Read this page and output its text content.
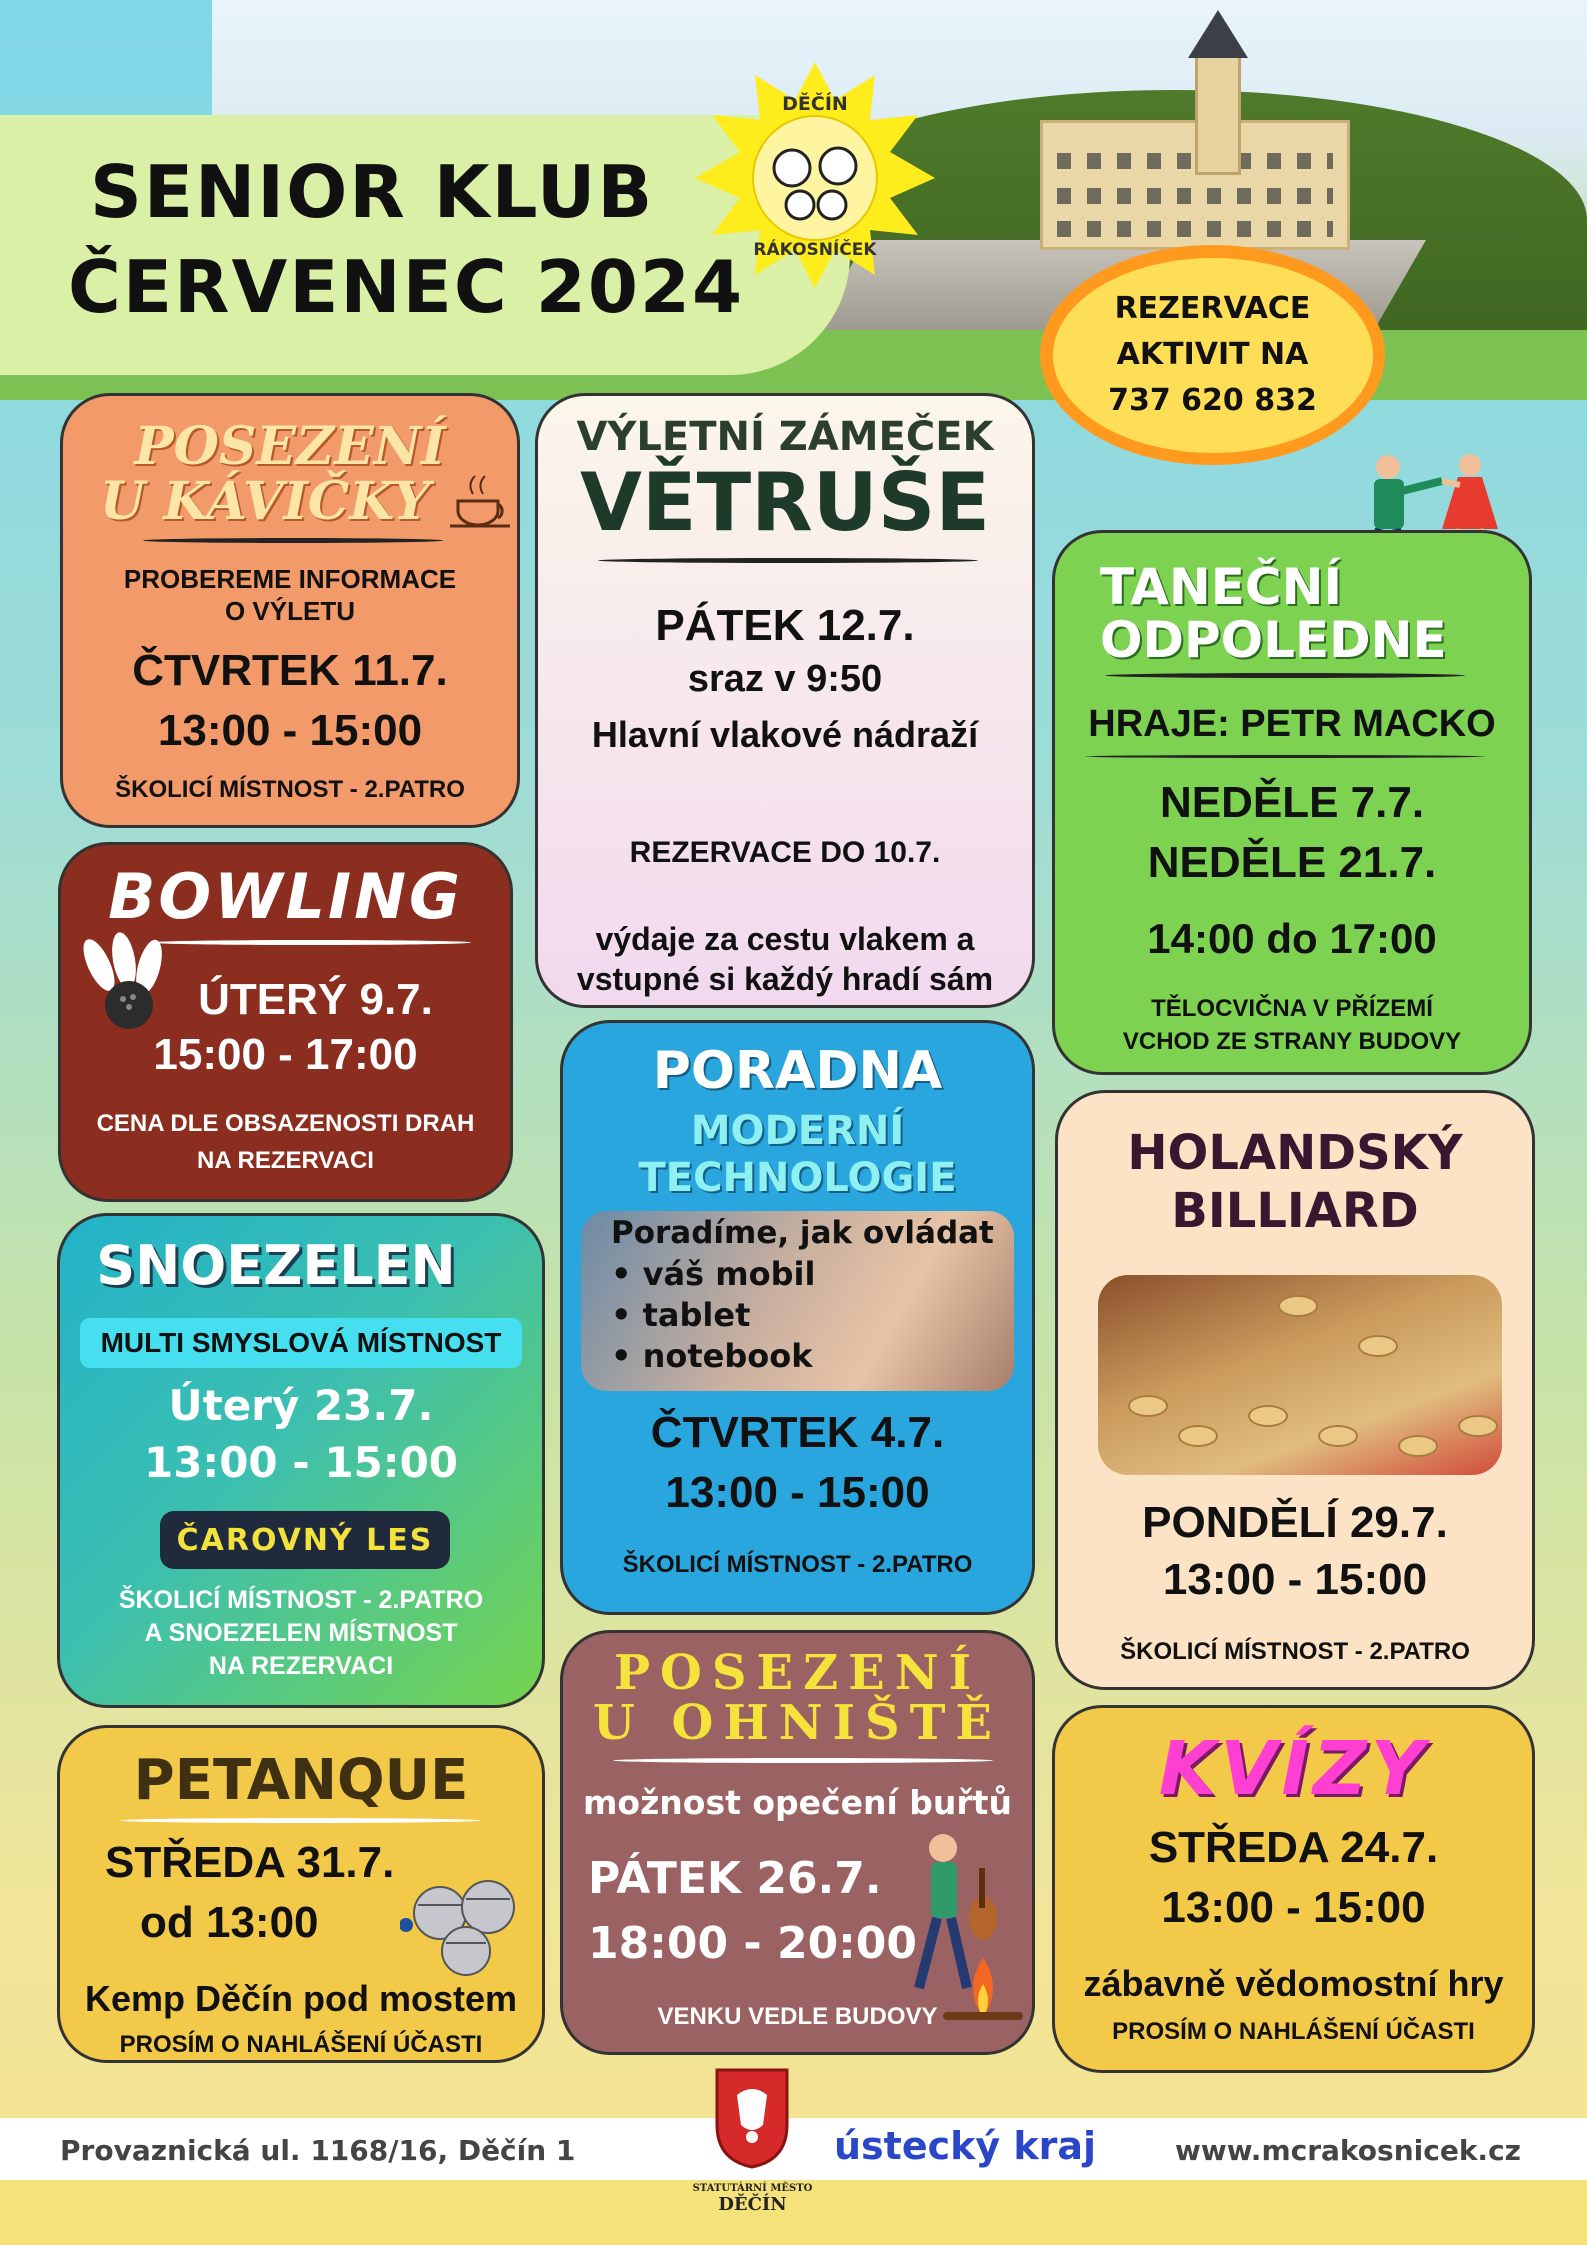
SENIOR KLUB
ČERVENEC 2024
DĚČÍN
RÁKOSNÍČEK
REZERVACE
AKTIVIT NA
737 620 832
POSEZENÍ
U KÁVIČKY
PROBEREME INFORMACE
O VÝLETU
ČTVRTEK 11.7.
13:00 - 15:00
ŠKOLICÍ MÍSTNOST - 2.PATRO
VÝLETNÍ ZÁMEČEK
VĚTRUŠE
PÁTEK 12.7.
sraz v 9:50
Hlavní vlakové nádraží
REZERVACE DO 10.7.
výdaje za cestu vlakem a
vstupné si každý hradí sám
TANEČNÍ
ODPOLEDNE
HRAJE: PETR MACKO
NEDĚLE 7.7.
NEDĚLE 21.7.
14:00 do 17:00
TĚLOCVIČNA V PŘÍZEMÍ
VCHOD ZE STRANY BUDOVY
BOWLING
ÚTERÝ 9.7.
15:00 - 17:00
CENA DLE OBSAZENOSTI DRAH
NA REZERVACI
PORADNA
MODERNÍ
TECHNOLOGIE
Poradíme, jak ovládat
• váš mobil
• tablet
• notebook
ČTVRTEK 4.7.
13:00 - 15:00
ŠKOLICÍ MÍSTNOST - 2.PATRO
HOLANDSKÝ
BILLIARD
PONDĚLÍ 29.7.
13:00 - 15:00
ŠKOLICÍ MÍSTNOST - 2.PATRO
SNOEZELEN
MULTI SMYSLOVÁ MÍSTNOST
Úterý 23.7.
13:00 - 15:00
ČAROVNÝ LES
ŠKOLICÍ MÍSTNOST - 2.PATRO
A SNOEZELEN MÍSTNOST
NA REZERVACI	POSEZENÍ
U OHNIŠTĚ
možnost opečení buřtů
PÁTEK 26.7.
18:00 - 20:00
VENKU VEDLE BUDOVY
PETANQUE
STŘEDA 31.7.
od 13:00
Kemp Děčín pod mostem
PROSÍM O NAHLÁŠENÍ ÚČASTI
KVÍZY
STŘEDA 24.7.
13:00 - 15:00
zábavně vědomostní hry
PROSÍM O NAHLÁŠENÍ ÚČASTI
Provaznická ul. 1168/16, Děčín 1
STATUTÁRNÍ MĚSTO
DĚČÍN
ústecký kraj	www.mcrakosnicek.cz
